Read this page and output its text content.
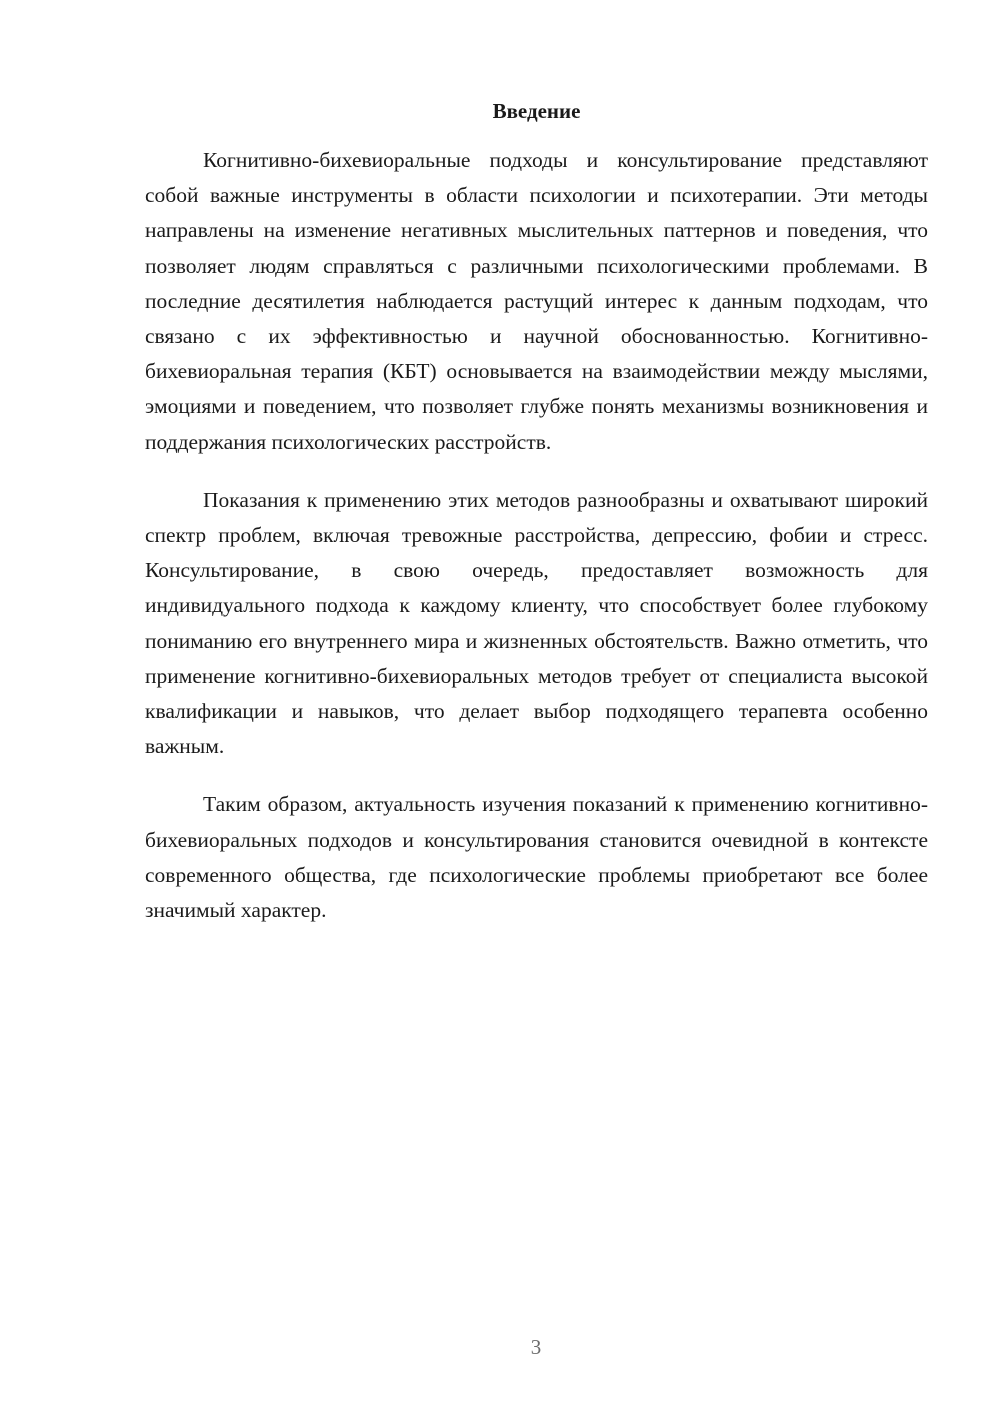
Введение

Когнитивно-бихевиоральные подходы и консультирование представляют собой важные инструменты в области психологии и психотерапии. Эти методы направлены на изменение негативных мыслительных паттернов и поведения, что позволяет людям справляться с различными психологическими проблемами. В последние десятилетия наблюдается растущий интерес к данным подходам, что связано с их эффективностью и научной обоснованностью. Когнитивно-бихевиоральная терапия (КБТ) основывается на взаимодействии между мыслями, эмоциями и поведением, что позволяет глубже понять механизмы возникновения и поддержания психологических расстройств.

Показания к применению этих методов разнообразны и охватывают широкий спектр проблем, включая тревожные расстройства, депрессию, фобии и стресс. Консультирование, в свою очередь, предоставляет возможность для индивидуального подхода к каждому клиенту, что способствует более глубокому пониманию его внутреннего мира и жизненных обстоятельств. Важно отметить, что применение когнитивно-бихевиоральных методов требует от специалиста высокой квалификации и навыков, что делает выбор подходящего терапевта особенно важным.

Таким образом, актуальность изучения показаний к применению когнитивно-бихевиоральных подходов и консультирования становится очевидной в контексте современного общества, где психологические проблемы приобретают все более значимый характер.

3
